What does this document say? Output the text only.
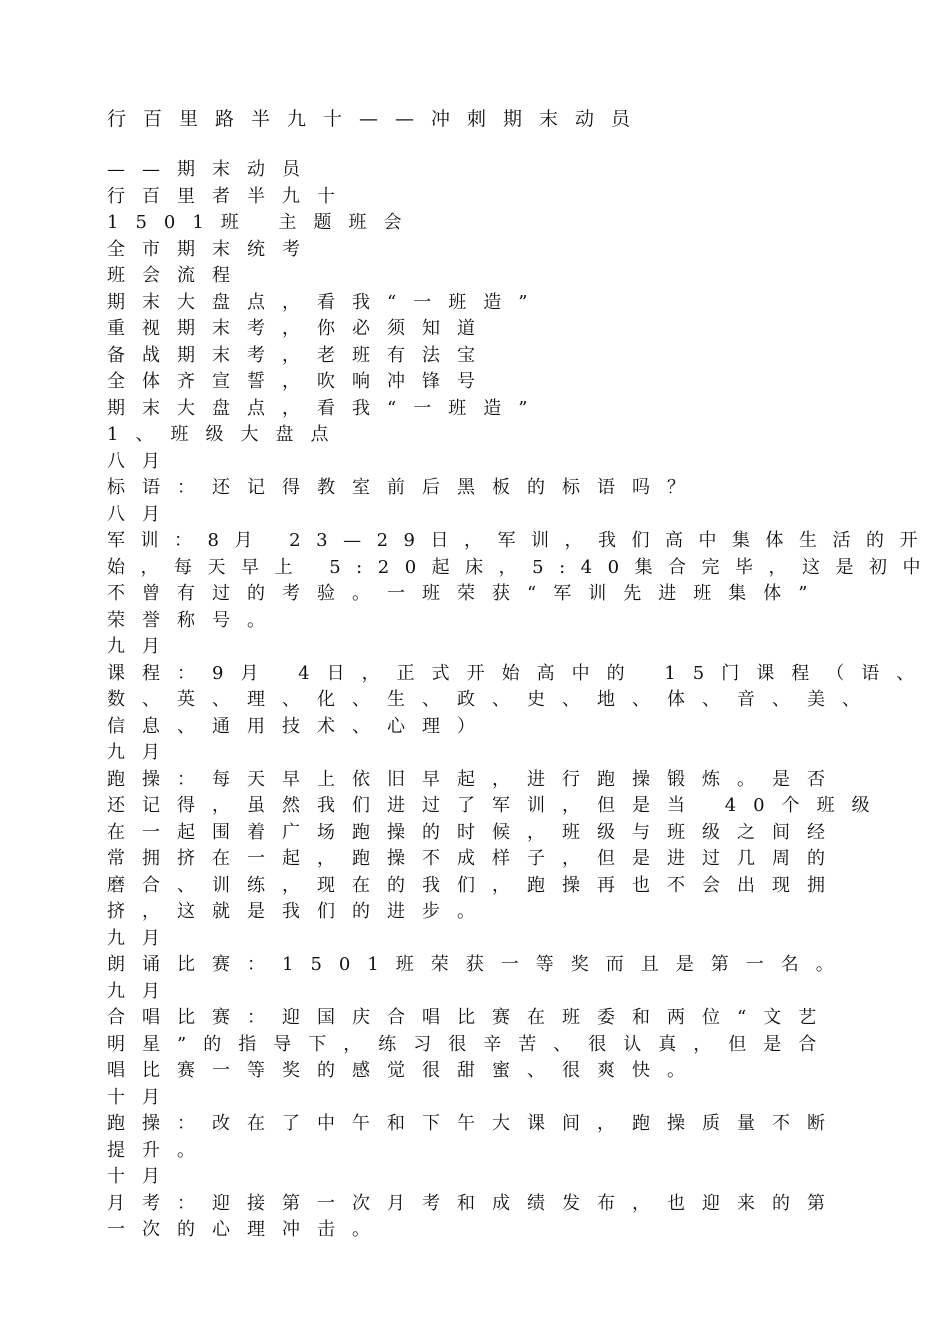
行百里路半九十——冲刺期末动员
——期末动员
行百里者半九十
1501班 主题班会
全市期末统考
班会流程
期末大盘点，看我“一班造”
重视期末考，你必须知道
备战期末考，老班有法宝
全体齐宣誓，吹响冲锋号
期末大盘点，看我“一班造”
1、班级大盘点
八月
标语：还记得教室前后黑板的标语吗？
八月
军训：8月 23—29日，军训，我们高中集体生活的开
始，每天早上 5:20起床，5:40集合完毕，这是初中
不曾有过的考验。一班荣获“军训先进班集体”
荣誉称号。
九月
课程：9月 4日，正式开始高中的 15门课程（语、
数、英、理、化、生、政、史、地、体、音、美、
信息、通用技术、心理）
九月
跑操：每天早上依旧早起，进行跑操锻炼。是否
还记得，虽然我们进过了军训，但是当 40个班级
在一起围着广场跑操的时候，班级与班级之间经
常拥挤在一起，跑操不成样子，但是进过几周的
磨合、训练，现在的我们，跑操再也不会出现拥
挤，这就是我们的进步。
九月
朗诵比赛：1501班荣获一等奖而且是第一名。
九月
合唱比赛：迎国庆合唱比赛在班委和两位“文艺
明星”的指导下，练习很辛苦、很认真，但是合
唱比赛一等奖的感觉很甜蜜、很爽快。
十月
跑操：改在了中午和下午大课间，跑操质量不断
提升。
十月
月考：迎接第一次月考和成绩发布，也迎来的第
一次的心理冲击。
